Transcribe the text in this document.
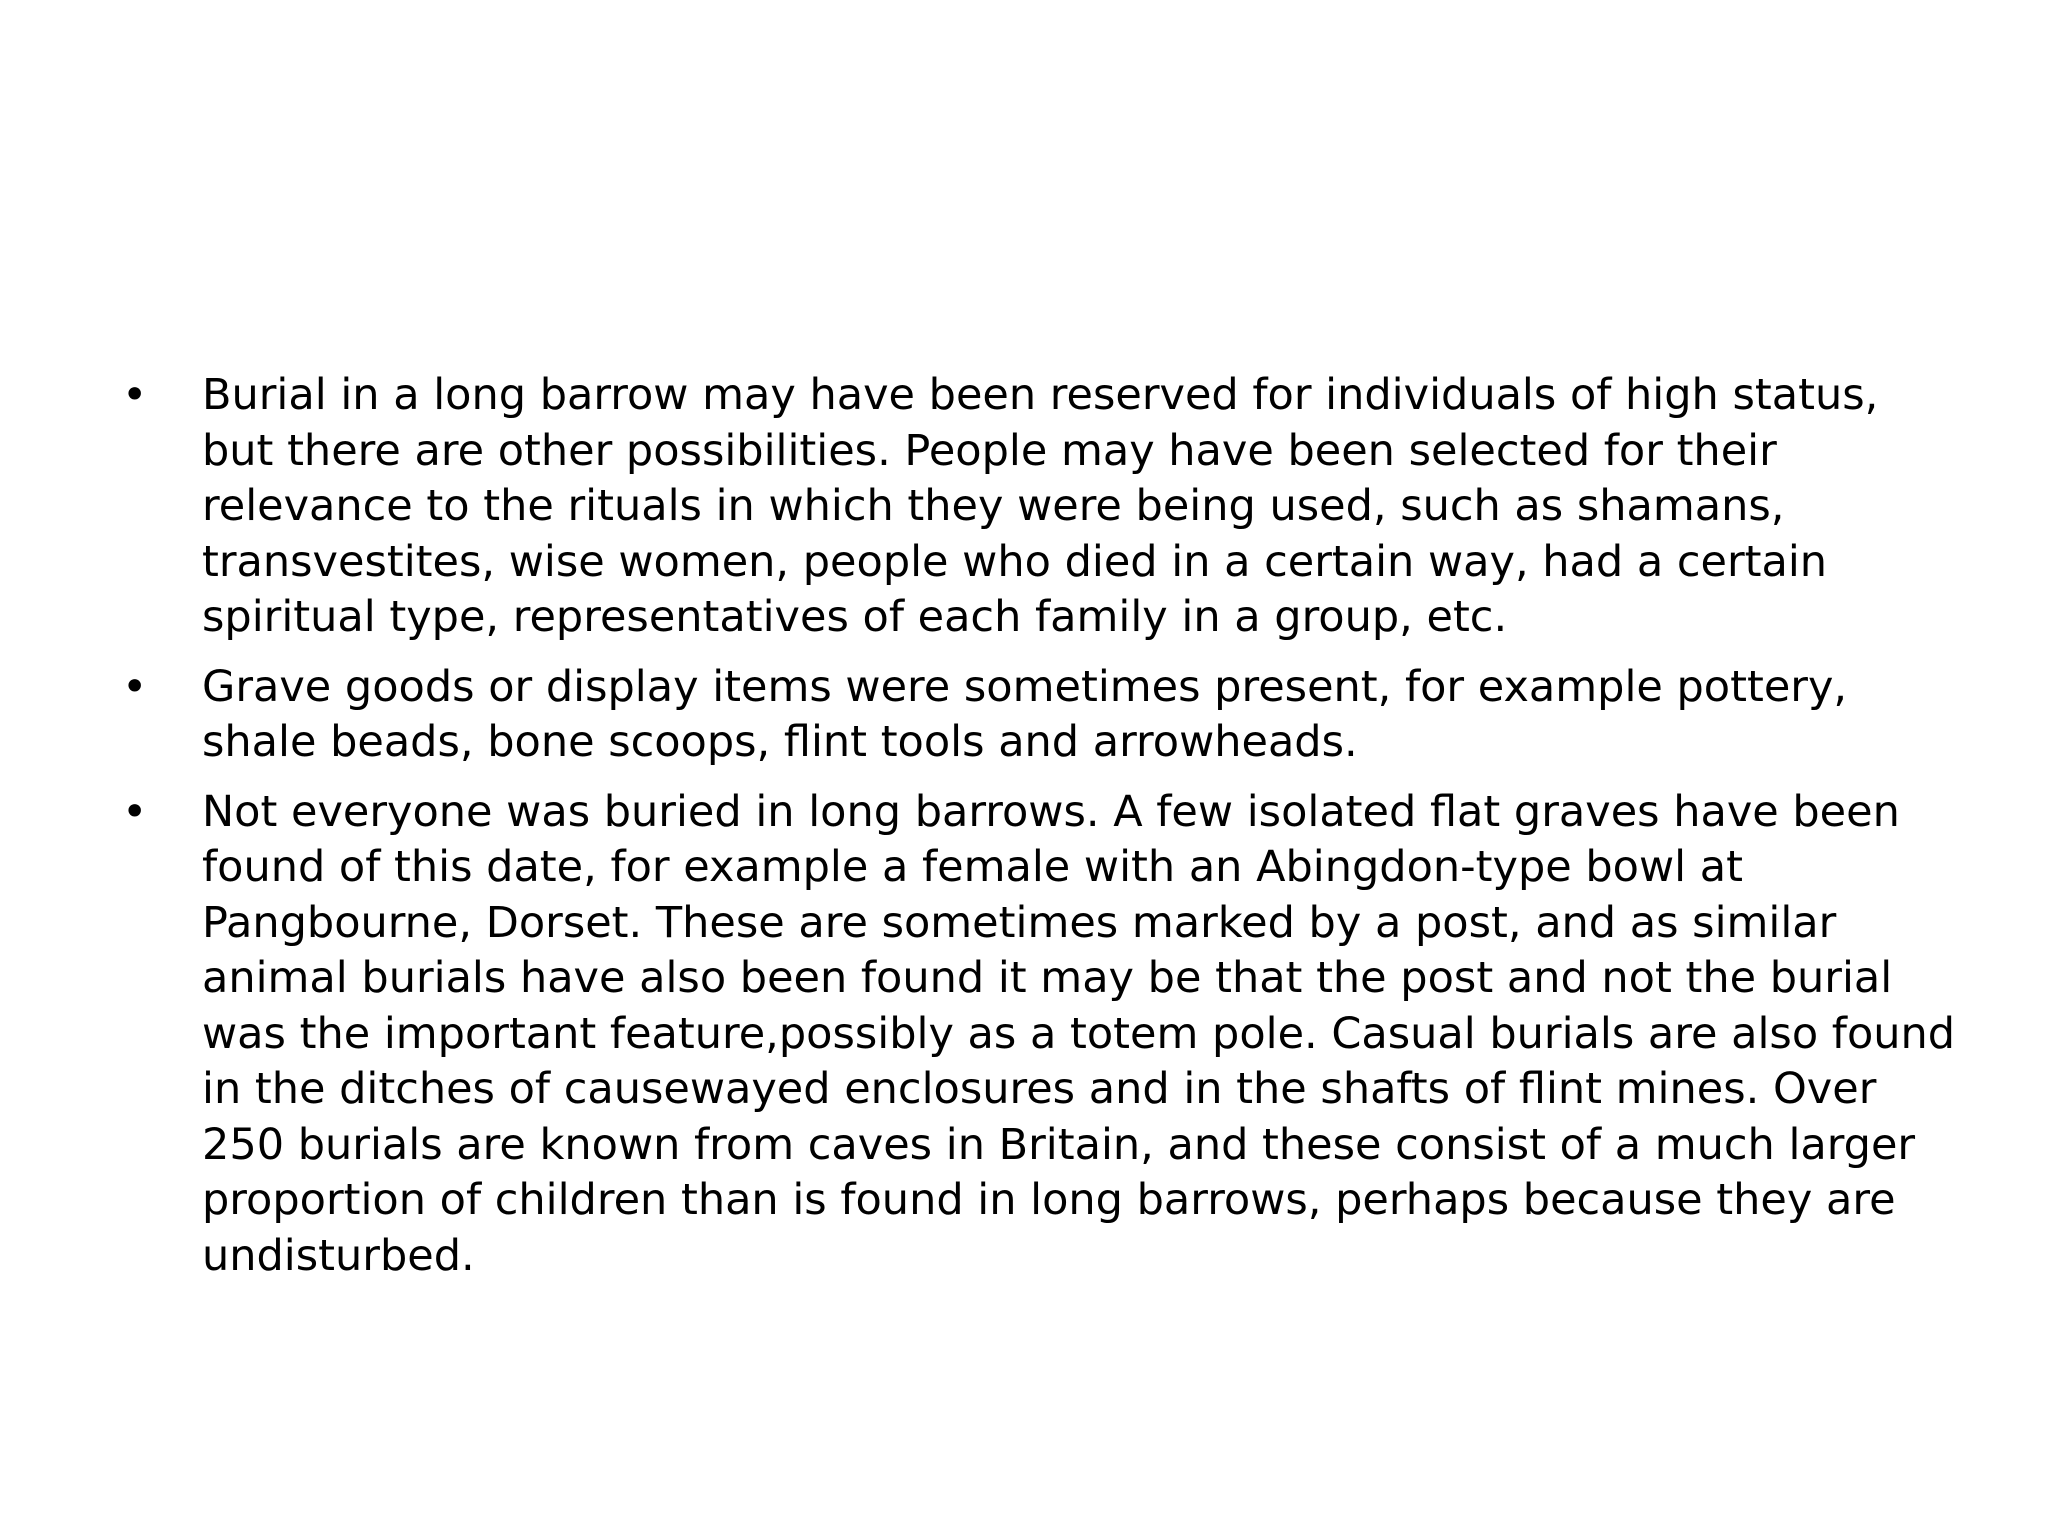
• Burial in a long barrow may have been reserved for individuals of high status, but there are other possibilities. People may have been selected for their relevance to the rituals in which they were being used, such as shamans, transvestites, wise women, people who died in a certain way, had a certain spiritual type, representatives of each family in a group, etc.
• Grave goods or display items were sometimes present, for example pottery, shale beads, bone scoops, flint tools and arrowheads.
• Not everyone was buried in long barrows. A few isolated flat graves have been found of this date, for example a female with an Abingdon-type bowl at Pangbourne, Dorset. These are sometimes marked by a post, and as similar animal burials have also been found it may be that the post and not the burial was the important feature,possibly as a totem pole. Casual burials are also found in the ditches of causewayed enclosures and in the shafts of flint mines. Over 250 burials are known from caves in Britain, and these consist of a much larger proportion of children than is found in long barrows, perhaps because they are undisturbed.
